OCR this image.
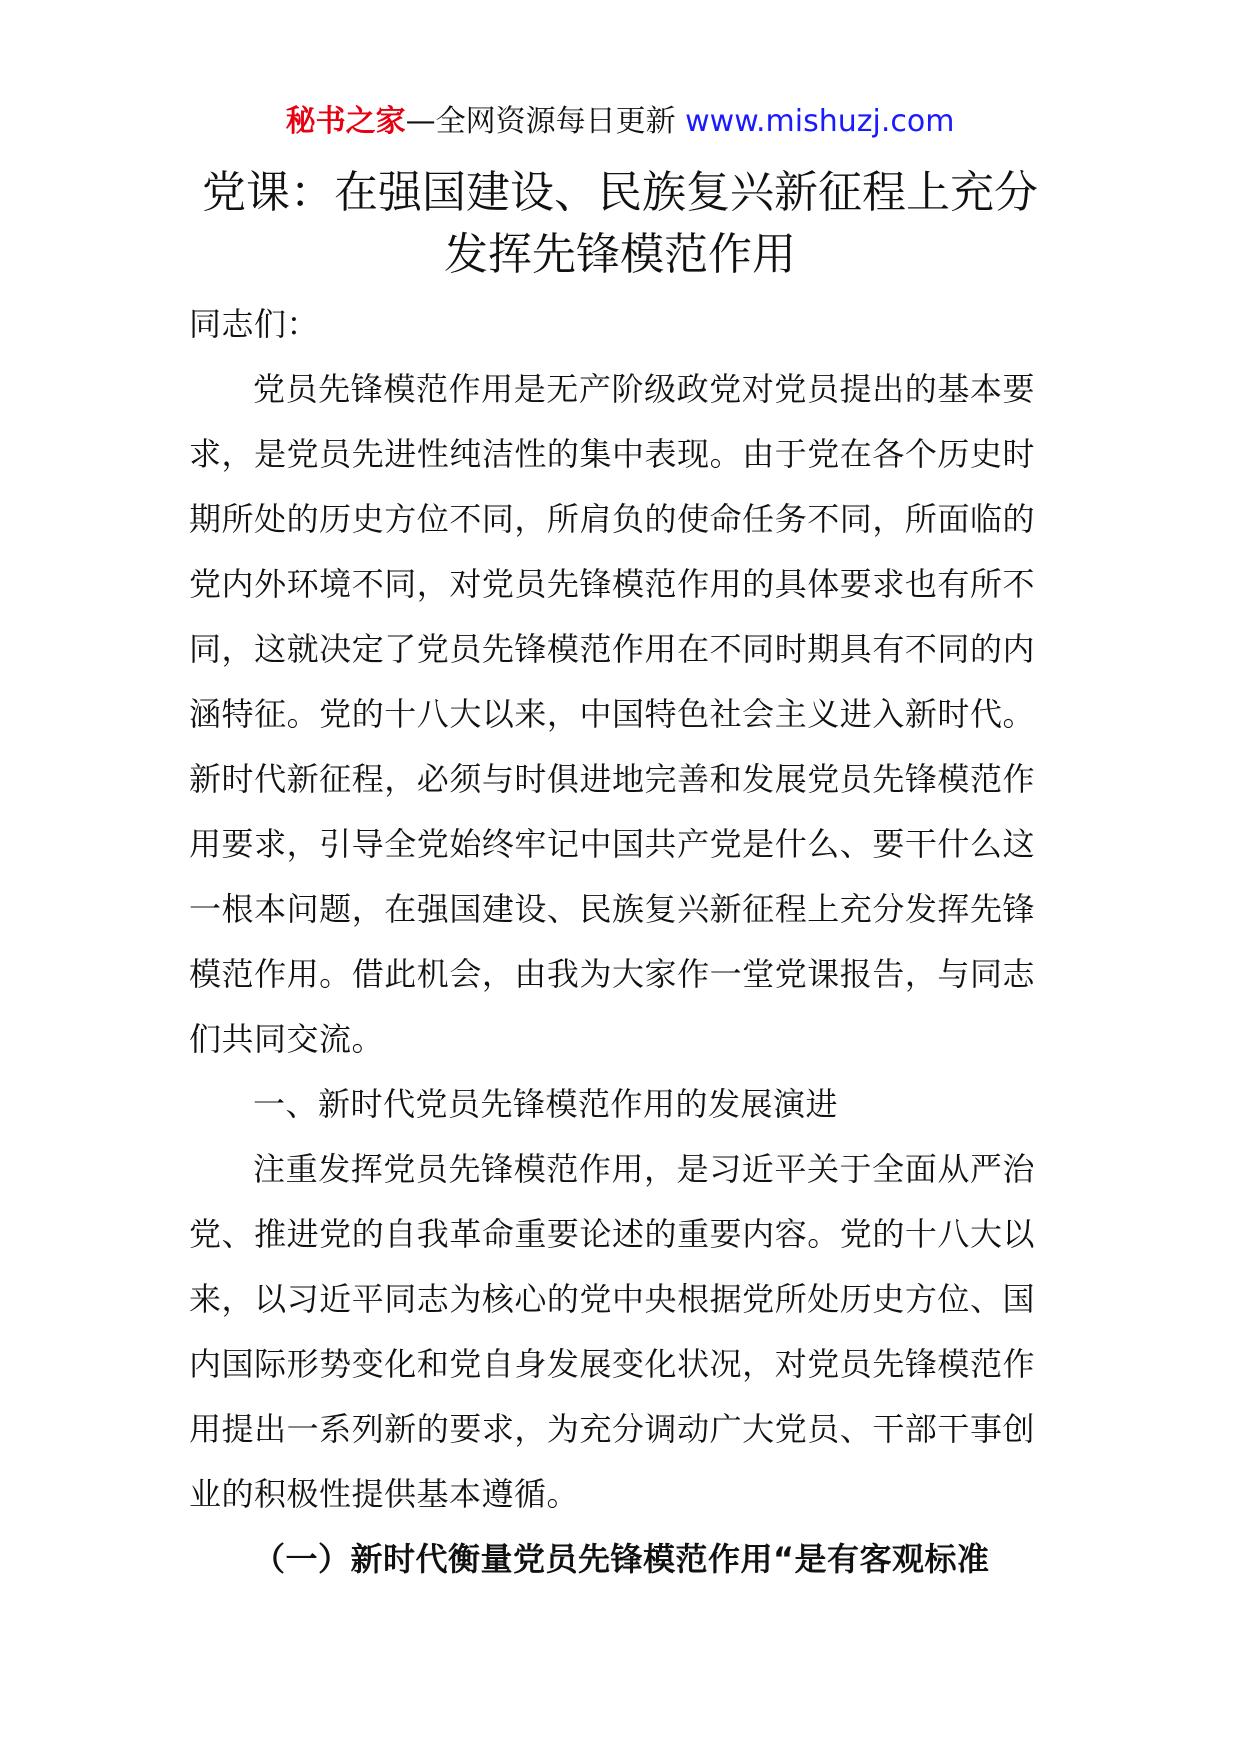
秘书之家—全网资源每日更新 www.mishuzj.com
党课：在强国建设、民族复兴新征程上充分发挥先锋模范作用

同志们：

党员先锋模范作用是无产阶级政党对党员提出的基本要求，是党员先进性纯洁性的集中表现。由于党在各个历史时期所处的历史方位不同，所肩负的使命任务不同，所面临的党内外环境不同，对党员先锋模范作用的具体要求也有所不同，这就决定了党员先锋模范作用在不同时期具有不同的内涵特征。党的十八大以来，中国特色社会主义进入新时代。新时代新征程，必须与时俱进地完善和发展党员先锋模范作用要求，引导全党始终牢记中国共产党是什么、要干什么这一根本问题，在强国建设、民族复兴新征程上充分发挥先锋模范作用。借此机会，由我为大家作一堂党课报告，与同志们共同交流。

一、新时代党员先锋模范作用的发展演进

注重发挥党员先锋模范作用，是习近平关于全面从严治党、推进党的自我革命重要论述的重要内容。党的十八大以来，以习近平同志为核心的党中央根据党所处历史方位、国内国际形势变化和党自身发展变化状况，对党员先锋模范作用提出一系列新的要求，为充分调动广大党员、干部干事创业的积极性提供基本遵循。

（一）新时代衡量党员先锋模范作用“是有客观标准
